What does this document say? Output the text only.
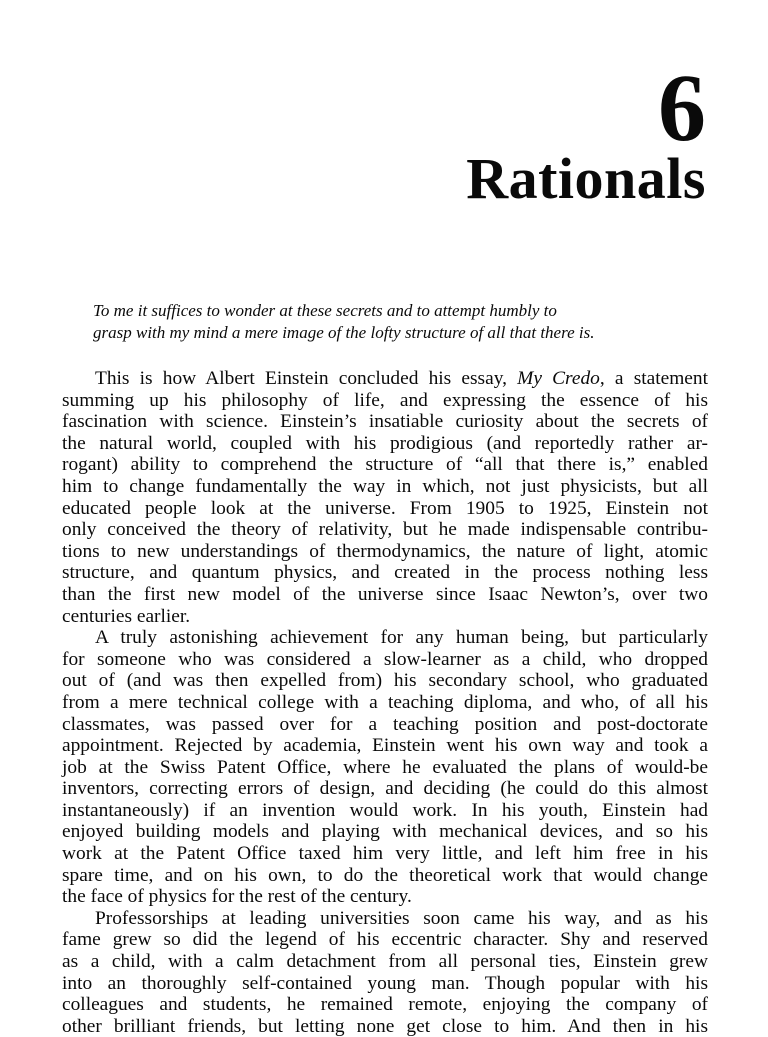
6
Rationals
To me it suffices to wonder at these secrets and to attempt humbly to
grasp with my mind a mere image of the lofty structure of all that there is.
This is how Albert Einstein concluded his essay, My Credo, a statement
summing up his philosophy of life, and expressing the essence of his
fascination with science. Einstein’s insatiable curiosity about the secrets of
the natural world, coupled with his prodigious (and reportedly rather ar-
rogant) ability to comprehend the structure of “all that there is,” enabled
him to change fundamentally the way in which, not just physicists, but all
educated people look at the universe. From 1905 to 1925, Einstein not
only conceived the theory of relativity, but he made indispensable contribu-
tions to new understandings of thermodynamics, the nature of light, atomic
structure, and quantum physics, and created in the process nothing less
than the first new model of the universe since Isaac Newton’s, over two
centuries earlier.
A truly astonishing achievement for any human being, but particularly
for someone who was considered a slow-learner as a child, who dropped
out of (and was then expelled from) his secondary school, who graduated
from a mere technical college with a teaching diploma, and who, of all his
classmates, was passed over for a teaching position and post-doctorate
appointment. Rejected by academia, Einstein went his own way and took a
job at the Swiss Patent Office, where he evaluated the plans of would-be
inventors, correcting errors of design, and deciding (he could do this almost
instantaneously) if an invention would work. In his youth, Einstein had
enjoyed building models and playing with mechanical devices, and so his
work at the Patent Office taxed him very little, and left him free in his
spare time, and on his own, to do the theoretical work that would change
the face of physics for the rest of the century.
Professorships at leading universities soon came his way, and as his
fame grew so did the legend of his eccentric character. Shy and reserved
as a child, with a calm detachment from all personal ties, Einstein grew
into an thoroughly self-contained young man. Though popular with his
colleagues and students, he remained remote, enjoying the company of
other brilliant friends, but letting none get close to him. And then in his
